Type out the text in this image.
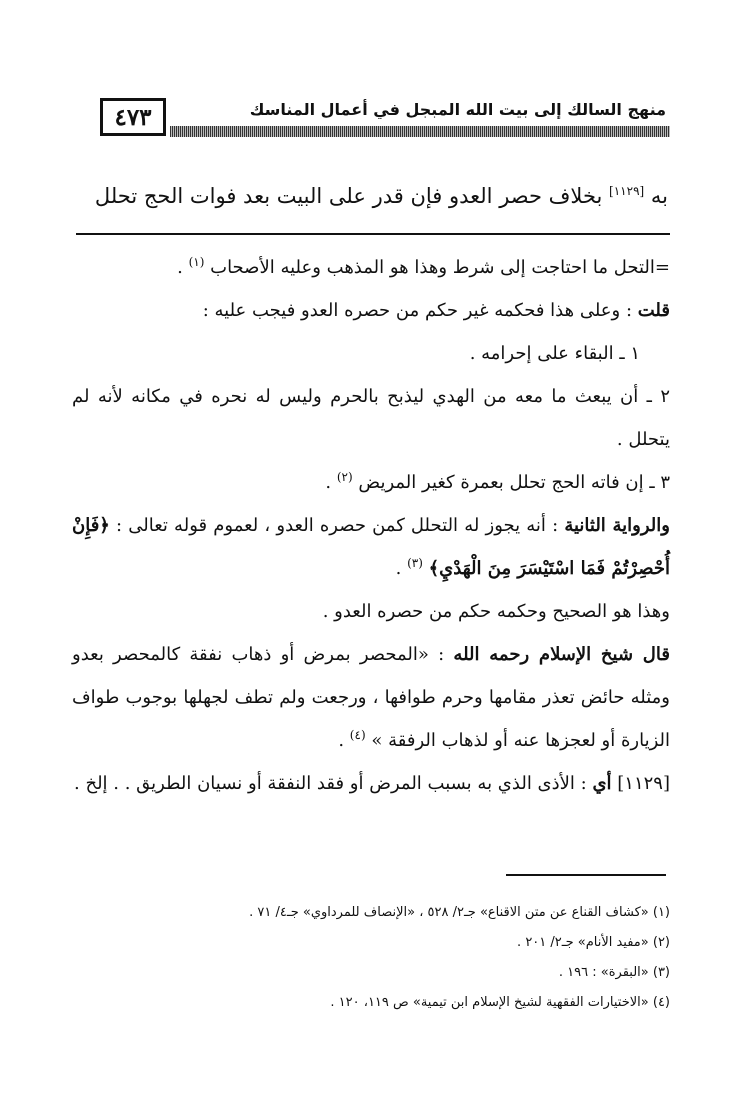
منهج السالك إلى بيت الله المبجل في أعمال المناسك
٤٧٣
به [١١٢٩] بخلاف حصر العدو فإن قدر على البيت بعد فوات الحج تحلل

=التحل ما احتاجت إلى شرط وهذا هو المذهب وعليه الأصحاب $^{(١)}$ .

قلت : وعلى هذا فحكمه غير حكم من حصره العدو فيجب عليه :

١ ـ البقاء على إحرامه .

٢ ـ أن يبعث ما معه من الهدي ليذبح بالحرم وليس له نحره في مكانه لأنه لم يتحلل .

٣ ـ إن فاته الحج تحلل بعمرة كغير المريض $^{(٢)}$ .

والرواية الثانية : أنه يجوز له التحلل كمن حصره العدو ، لعموم قوله تعالى : ﴿فَإِنْ أُحْصِرْتُمْ فَمَا اسْتَيْسَرَ مِنَ الْهَدْيِ﴾ $^{(٣)}$ .

وهذا هو الصحيح وحكمه حكم من حصره العدو .

قال شيخ الإسلام رحمه الله : «المحصر بمرض أو ذهاب نفقة كالمحصر بعدو ومثله حائض تعذر مقامها وحرم طوافها ، ورجعت ولم تطف لجهلها بوجوب طواف الزيارة أو لعجزها عنه أو لذهاب الرفقة » $^{(٤)}$ .

[١١٢٩] أي : الأذى الذي به بسبب المرض أو فقد النفقة أو نسيان الطريق . . إلخ .

(١) «كشاف القناع عن متن الاقناع» جـ٢/ ٥٢٨ ، «الإنصاف للمرداوي» جـ٤/ ٧١ .
(٢) «مفيد الأنام» جـ٢/ ٢٠١ .
(٣) «البقرة» : ١٩٦ .
(٤) «الاختيارات الفقهية لشيخ الإسلام ابن تيمية» ص ١١٩، ١٢٠ .
